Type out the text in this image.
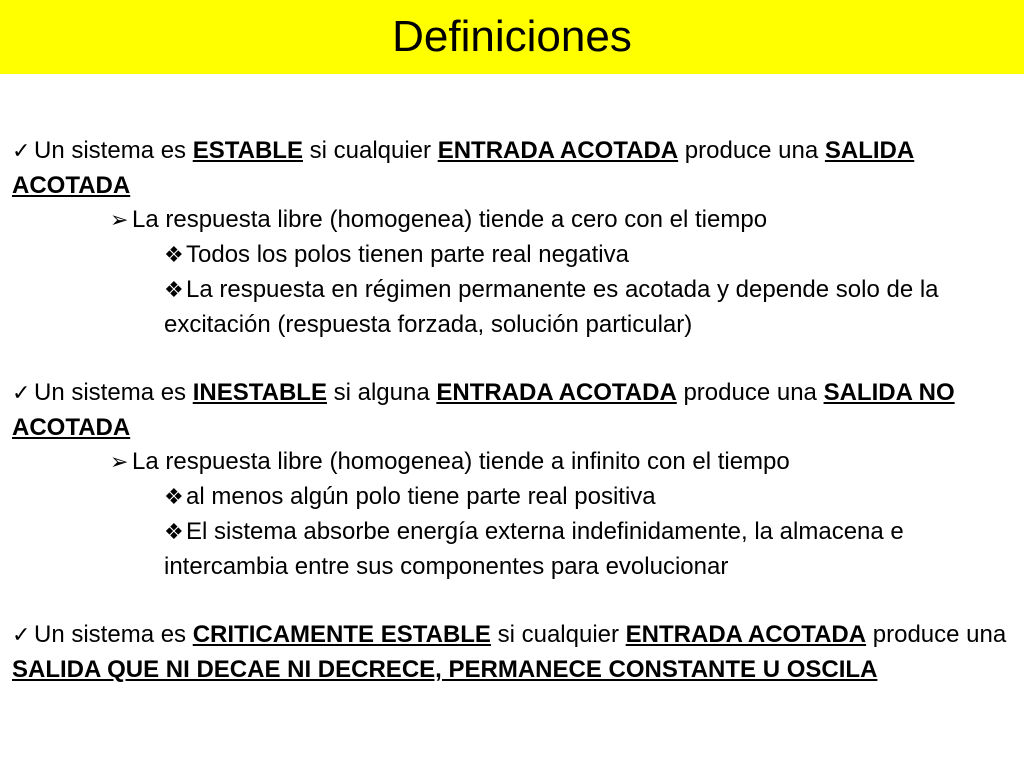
Definiciones

✓ Un sistema es ESTABLE si cualquier ENTRADA ACOTADA produce una SALIDA

ACOTADA

➢ La respuesta libre (homogenea) tiende a cero con el tiempo

❖Todos los polos tienen parte real negativa

❖La respuesta en régimen permanente es acotada y depende solo de la

excitación (respuesta forzada, solución particular)

✓ Un sistema es INESTABLE si alguna ENTRADA ACOTADA produce una SALIDA NO

ACOTADA

➢ La respuesta libre (homogenea) tiende a infinito con el tiempo

❖al menos algún polo tiene parte real positiva

❖El sistema absorbe energía externa indefinidamente, la almacena e

intercambia entre sus componentes para evolucionar

✓ Un sistema es CRITICAMENTE ESTABLE si cualquier ENTRADA ACOTADA produce una

SALIDA QUE NI DECAE NI DECRECE, PERMANECE CONSTANTE U OSCILA
